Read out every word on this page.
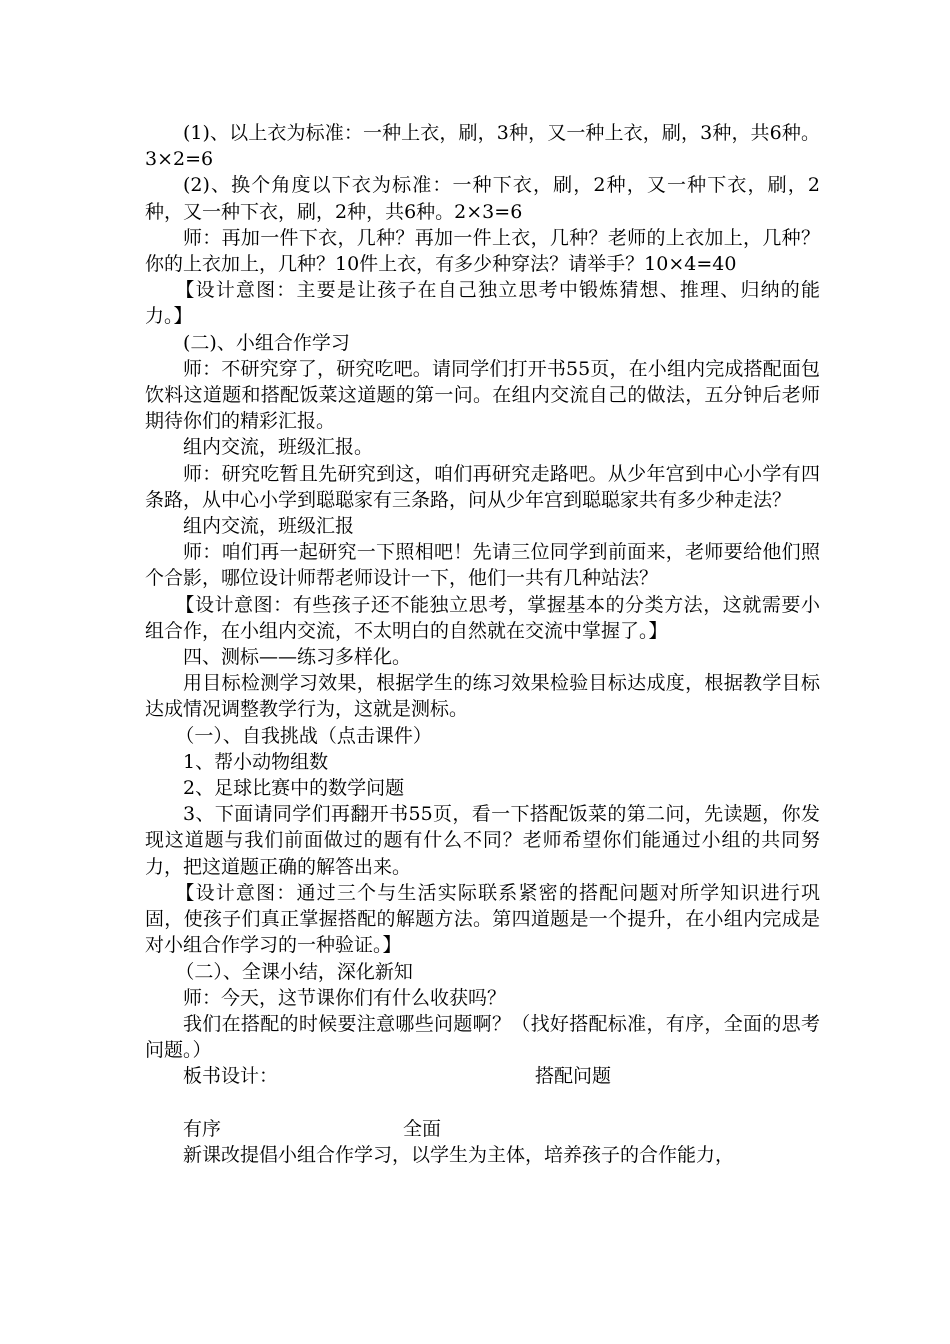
(1)、以上衣为标准：一种上衣，刷，3种，又一种上衣，刷，3种，共6种。3×2=6

(2)、换个角度以下衣为标准：一种下衣，刷，2种，又一种下衣，刷，2种，又一种下衣，刷，2种，共6种。2×3=6

师：再加一件下衣，几种？再加一件上衣，几种？老师的上衣加上，几种？你的上衣加上，几种？10件上衣，有多少种穿法？请举手？10×4=40

【设计意图：主要是让孩子在自己独立思考中锻炼猜想、推理、归纳的能力。】

(二)、小组合作学习

师：不研究穿了，研究吃吧。请同学们打开书55页，在小组内完成搭配面包饮料这道题和搭配饭菜这道题的第一问。在组内交流自己的做法，五分钟后老师期待你们的精彩汇报。

组内交流，班级汇报。

师：研究吃暂且先研究到这，咱们再研究走路吧。从少年宫到中心小学有四条路，从中心小学到聪聪家有三条路，问从少年宫到聪聪家共有多少种走法？

组内交流，班级汇报

师：咱们再一起研究一下照相吧！先请三位同学到前面来，老师要给他们照个合影，哪位设计师帮老师设计一下，他们一共有几种站法？

【设计意图：有些孩子还不能独立思考，掌握基本的分类方法，这就需要小组合作，在小组内交流，不太明白的自然就在交流中掌握了。】

四、测标——练习多样化。

用目标检测学习效果，根据学生的练习效果检验目标达成度，根据教学目标达成情况调整教学行为，这就是测标。

（一）、自我挑战（点击课件）

1、帮小动物组数

2、足球比赛中的数学问题

3、下面请同学们再翻开书55页，看一下搭配饭菜的第二问，先读题，你发现这道题与我们前面做过的题有什么不同？老师希望你们能通过小组的共同努力，把这道题正确的解答出来。

【设计意图：通过三个与生活实际联系紧密的搭配问题对所学知识进行巩固，使孩子们真正掌握搭配的解题方法。第四道题是一个提升，在小组内完成是对小组合作学习的一种验证。】

（二）、全课小结，深化新知

师：今天，这节课你们有什么收获吗？

我们在搭配的时候要注意哪些问题啊？（找好搭配标准，有序，全面的思考问题。）

板书设计：	搭配问题
有序	全面

新课改提倡小组合作学习，以学生为主体，培养孩子的合作能力，
